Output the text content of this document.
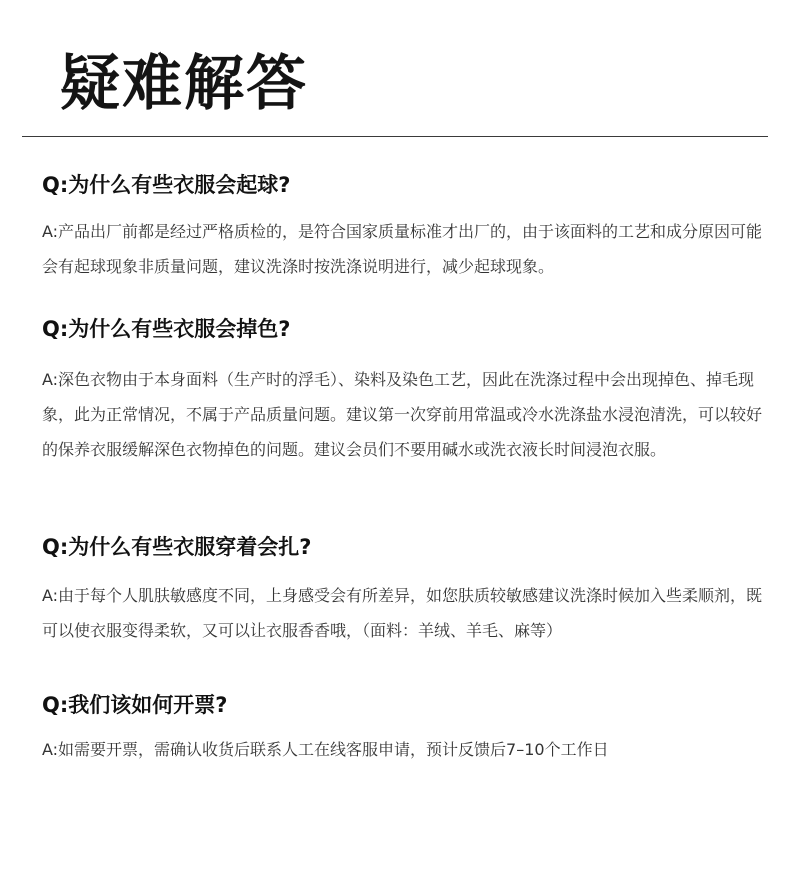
疑难解答
Q:为什么有些衣服会起球?

A:产品出厂前都是经过严格质检的，是符合国家质量标准才出厂的，由于该面料的工艺和成分原因可能会有起球现象非质量问题，建议洗涤时按洗涤说明进行，减少起球现象。

Q:为什么有些衣服会掉色?

A:深色衣物由于本身面料（生产时的浮毛）、染料及染色工艺，因此在洗涤过程中会出现掉色、掉毛现象，此为正常情况，不属于产品质量问题。建议第一次穿前用常温或冷水洗涤盐水浸泡清洗，可以较好的保养衣服缓解深色衣物掉色的问题。建议会员们不要用碱水或洗衣液长时间浸泡衣服。

Q:为什么有些衣服穿着会扎?

A:由于每个人肌肤敏感度不同，上身感受会有所差异，如您肤质较敏感建议洗涤时候加入些柔顺剂，既可以使衣服变得柔软，又可以让衣服香香哦，（面料：羊绒、羊毛、麻等）

Q:我们该如何开票?

A:如需要开票，需确认收货后联系人工在线客服申请，预计反馈后7–10个工作日
